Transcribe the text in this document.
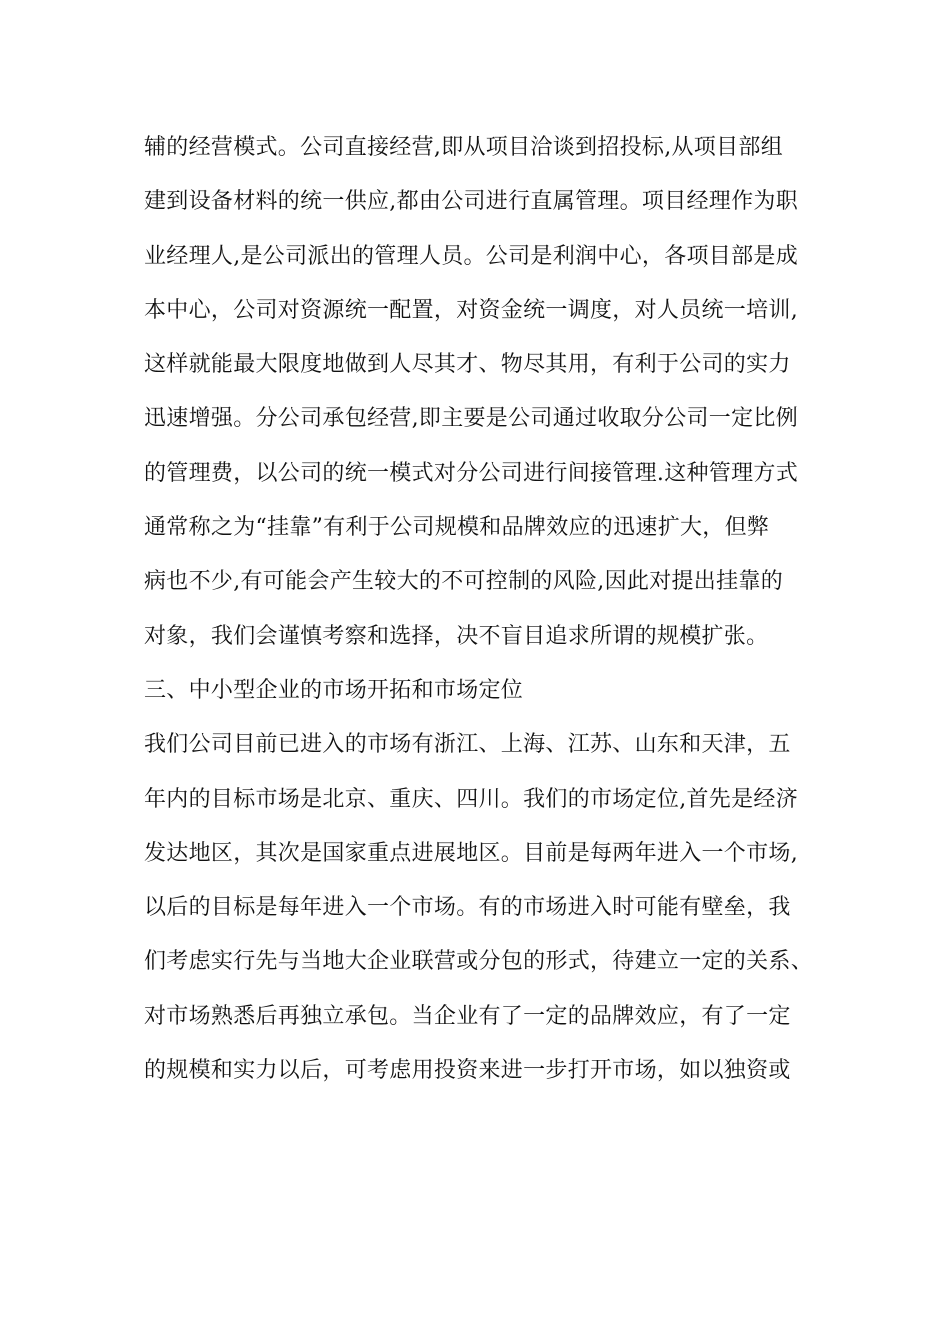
辅的经营模式。公司直接经营,即从项目洽谈到招投标,从项目部组
建到设备材料的统一供应,都由公司进行直属管理。项目经理作为职
业经理人,是公司派出的管理人员。公司是利润中心，各项目部是成
本中心，公司对资源统一配置，对资金统一调度，对人员统一培训,
这样就能最大限度地做到人尽其才、物尽其用，有利于公司的实力
迅速增强。分公司承包经营,即主要是公司通过收取分公司一定比例
的管理费，以公司的统一模式对分公司进行间接管理.这种管理方式
通常称之为“挂靠”有利于公司规模和品牌效应的迅速扩大，但弊
病也不少,有可能会产生较大的不可控制的风险,因此对提出挂靠的
对象，我们会谨慎考察和选择，决不盲目追求所谓的规模扩张。
三、中小型企业的市场开拓和市场定位
我们公司目前已进入的市场有浙江、上海、江苏、山东和天津，五
年内的目标市场是北京、重庆、四川。我们的市场定位,首先是经济
发达地区，其次是国家重点进展地区。目前是每两年进入一个市场,
以后的目标是每年进入一个市场。有的市场进入时可能有壁垒，我
们考虑实行先与当地大企业联营或分包的形式，待建立一定的关系、
对市场熟悉后再独立承包。当企业有了一定的品牌效应，有了一定
的规模和实力以后，可考虑用投资来进一步打开市场，如以独资或
